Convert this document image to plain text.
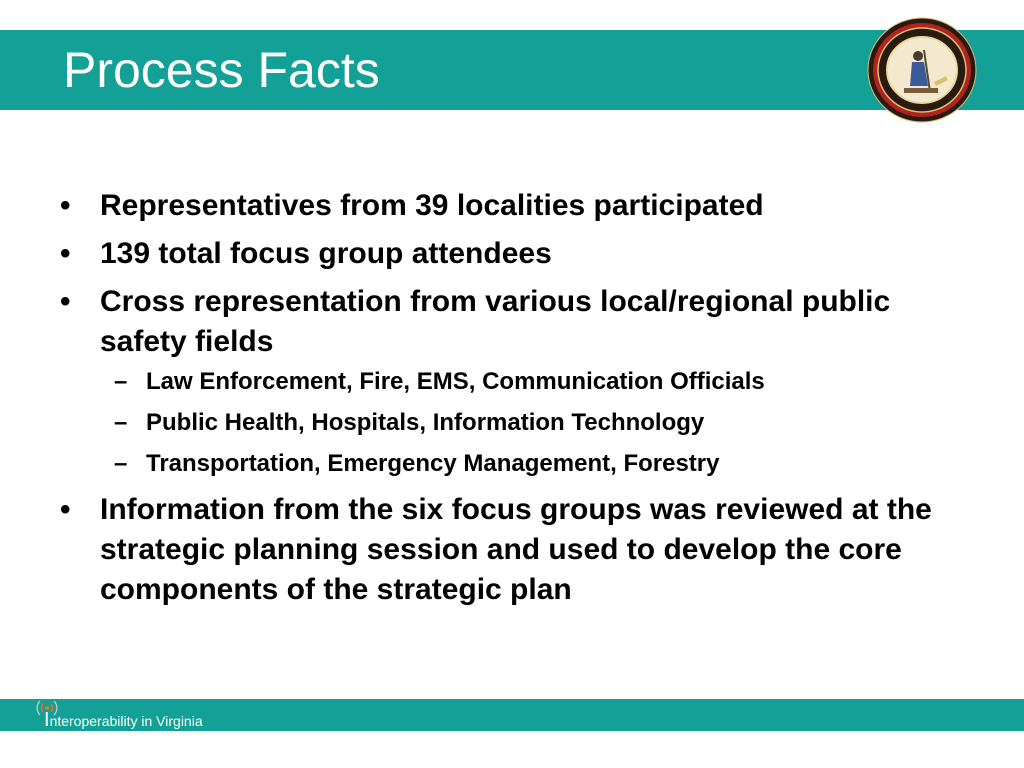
Process Facts
• Representatives from 39 localities participated
• 139 total focus group attendees
• Cross representation from various local/regional public safety fields
– Law Enforcement, Fire, EMS, Communication Officials
– Public Health, Hospitals, Information Technology
– Transportation, Emergency Management, Forestry
• Information from the six focus groups was reviewed at the strategic planning session and used to develop the core components of the strategic plan
Interoperability in Virginia
